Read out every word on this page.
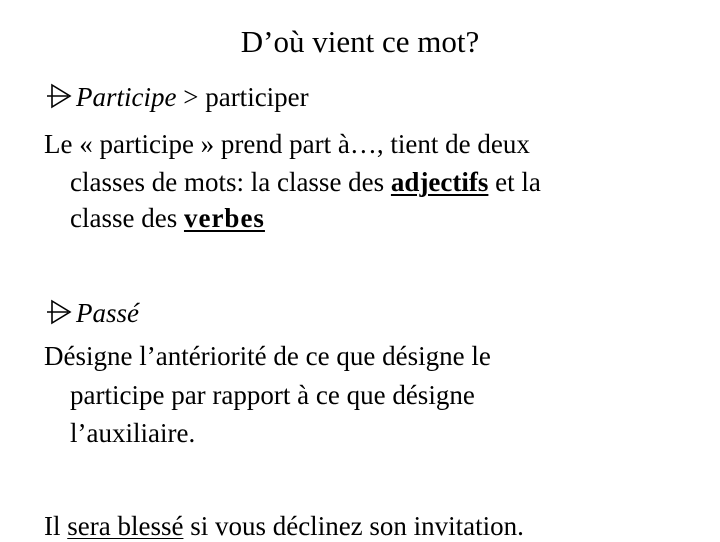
D’où vient ce mot?

Participe > participer

Le « participe » prend part à…, tient de deux

classes de mots: la classe des adjectifs et la

classe des verbes

Passé

Désigne l’antériorité de ce que désigne le

participe par rapport à ce que désigne

l’auxiliaire.

Il sera blessé si vous déclinez son invitation.
